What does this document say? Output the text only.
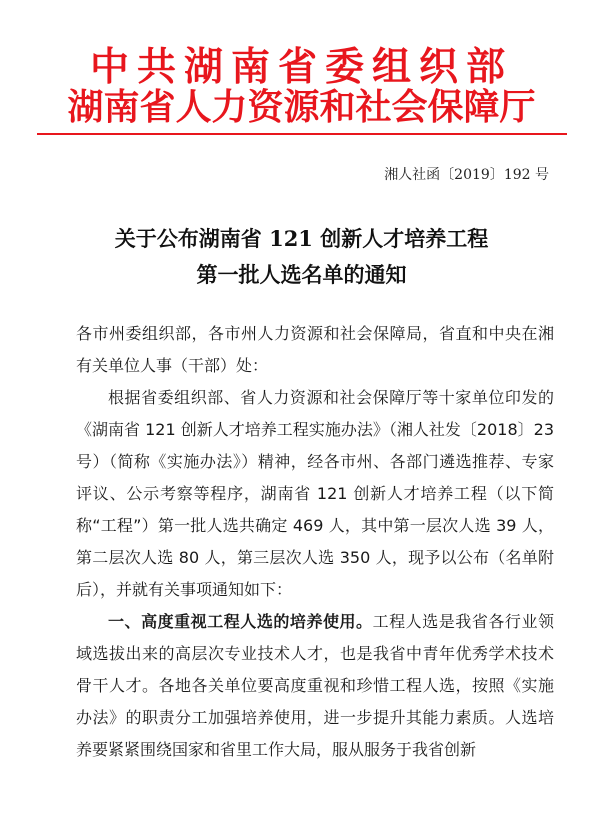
中共湖南省委组织部
湖南省人力资源和社会保障厅
湘人社函〔2019〕192 号
关于公布湖南省 121 创新人才培养工程
第一批人选名单的通知

各市州委组织部，各市州人力资源和社会保障局，省直和中央在湘有关单位人事（干部）处：

根据省委组织部、省人力资源和社会保障厅等十家单位印发的《湖南省 121 创新人才培养工程实施办法》（湘人社发〔2018〕23 号）（简称《实施办法》）精神，经各市州、各部门遴选推荐、专家评议、公示考察等程序，湖南省 121 创新人才培养工程（以下简称“工程”）第一批人选共确定 469 人，其中第一层次人选 39 人，第二层次人选 80 人，第三层次人选 350 人，现予以公布（名单附后），并就有关事项通知如下：

一、高度重视工程人选的培养使用。工程人选是我省各行业领域选拔出来的高层次专业技术人才，也是我省中青年优秀学术技术骨干人才。各地各关单位要高度重视和珍惜工程人选，按照《实施办法》的职责分工加强培养使用，进一步提升其能力素质。人选培养要紧紧围绕国家和省里工作大局，服从服务于我省创新
